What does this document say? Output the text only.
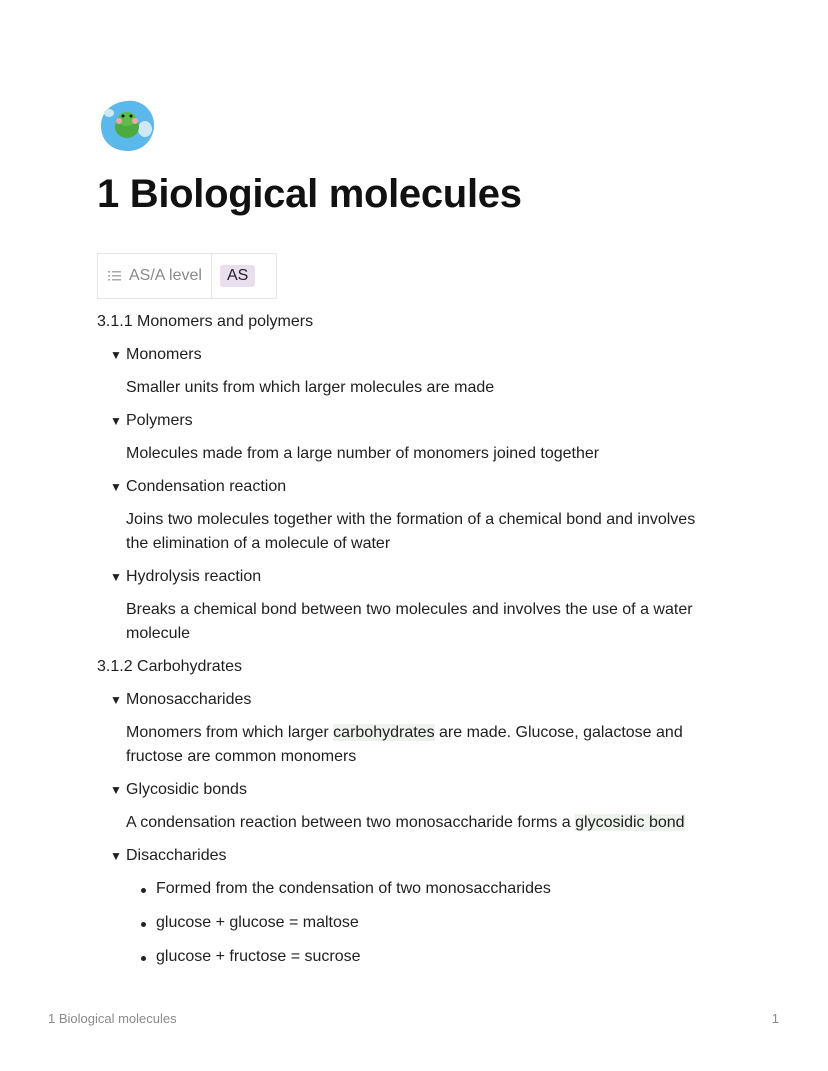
1 Biological molecules
AS/A level	AS
3.1.1 Monomers and polymers
▼ Monomers
Smaller units from which larger molecules are made
▼ Polymers
Molecules made from a large number of monomers joined together
▼ Condensation reaction
Joins two molecules together with the formation of a chemical bond and involves the elimination of a molecule of water
▼ Hydrolysis reaction
Breaks a chemical bond between two molecules and involves the use of a water molecule
3.1.2 Carbohydrates
▼ Monosaccharides
Monomers from which larger carbohydrates are made. Glucose, galactose and fructose are common monomers
▼ Glycosidic bonds
A condensation reaction between two monosaccharide forms a glycosidic bond
▼ Disaccharides
Formed from the condensation of two monosaccharides
glucose + glucose = maltose
glucose + fructose = sucrose
1 Biological molecules	1
